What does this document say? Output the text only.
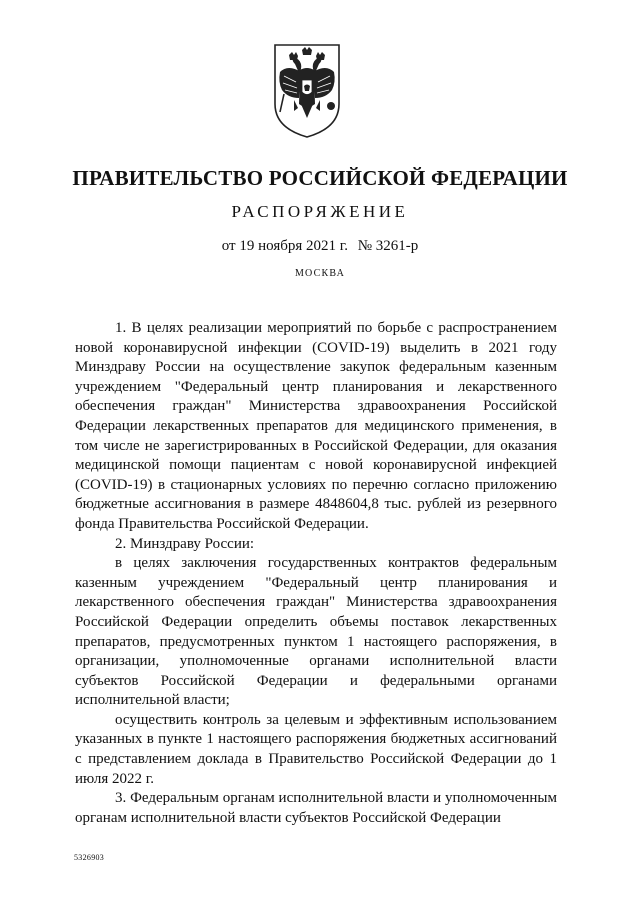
ПРАВИТЕЛЬСТВО РОССИЙСКОЙ ФЕДЕРАЦИИ
РАСПОРЯЖЕНИЕ
от 19 ноября 2021 г. № 3261-р
МОСКВА

1. В целях реализации мероприятий по борьбе с распространением новой коронавирусной инфекции (COVID-19) выделить в 2021 году Минздраву России на осуществление закупок федеральным казенным учреждением "Федеральный центр планирования и лекарственного обеспечения граждан" Министерства здравоохранения Российской Федерации лекарственных препаратов для медицинского применения, в том числе не зарегистрированных в Российской Федерации, для оказания медицинской помощи пациентам с новой коронавирусной инфекцией (COVID-19) в стационарных условиях по перечню согласно приложению бюджетные ассигнования в размере 4848604,8 тыс. рублей из резервного фонда Правительства Российской Федерации.

2. Минздраву России:

в целях заключения государственных контрактов федеральным казенным учреждением "Федеральный центр планирования и лекарственного обеспечения граждан" Министерства здравоохранения Российской Федерации определить объемы поставок лекарственных препаратов, предусмотренных пунктом 1 настоящего распоряжения, в организации, уполномоченные органами исполнительной власти субъектов Российской Федерации и федеральными органами исполнительной власти;

осуществить контроль за целевым и эффективным использованием указанных в пункте 1 настоящего распоряжения бюджетных ассигнований с представлением доклада в Правительство Российской Федерации до 1 июля 2022 г.

3. Федеральным органам исполнительной власти и уполномоченным органам исполнительной власти субъектов Российской Федерации

5326903
